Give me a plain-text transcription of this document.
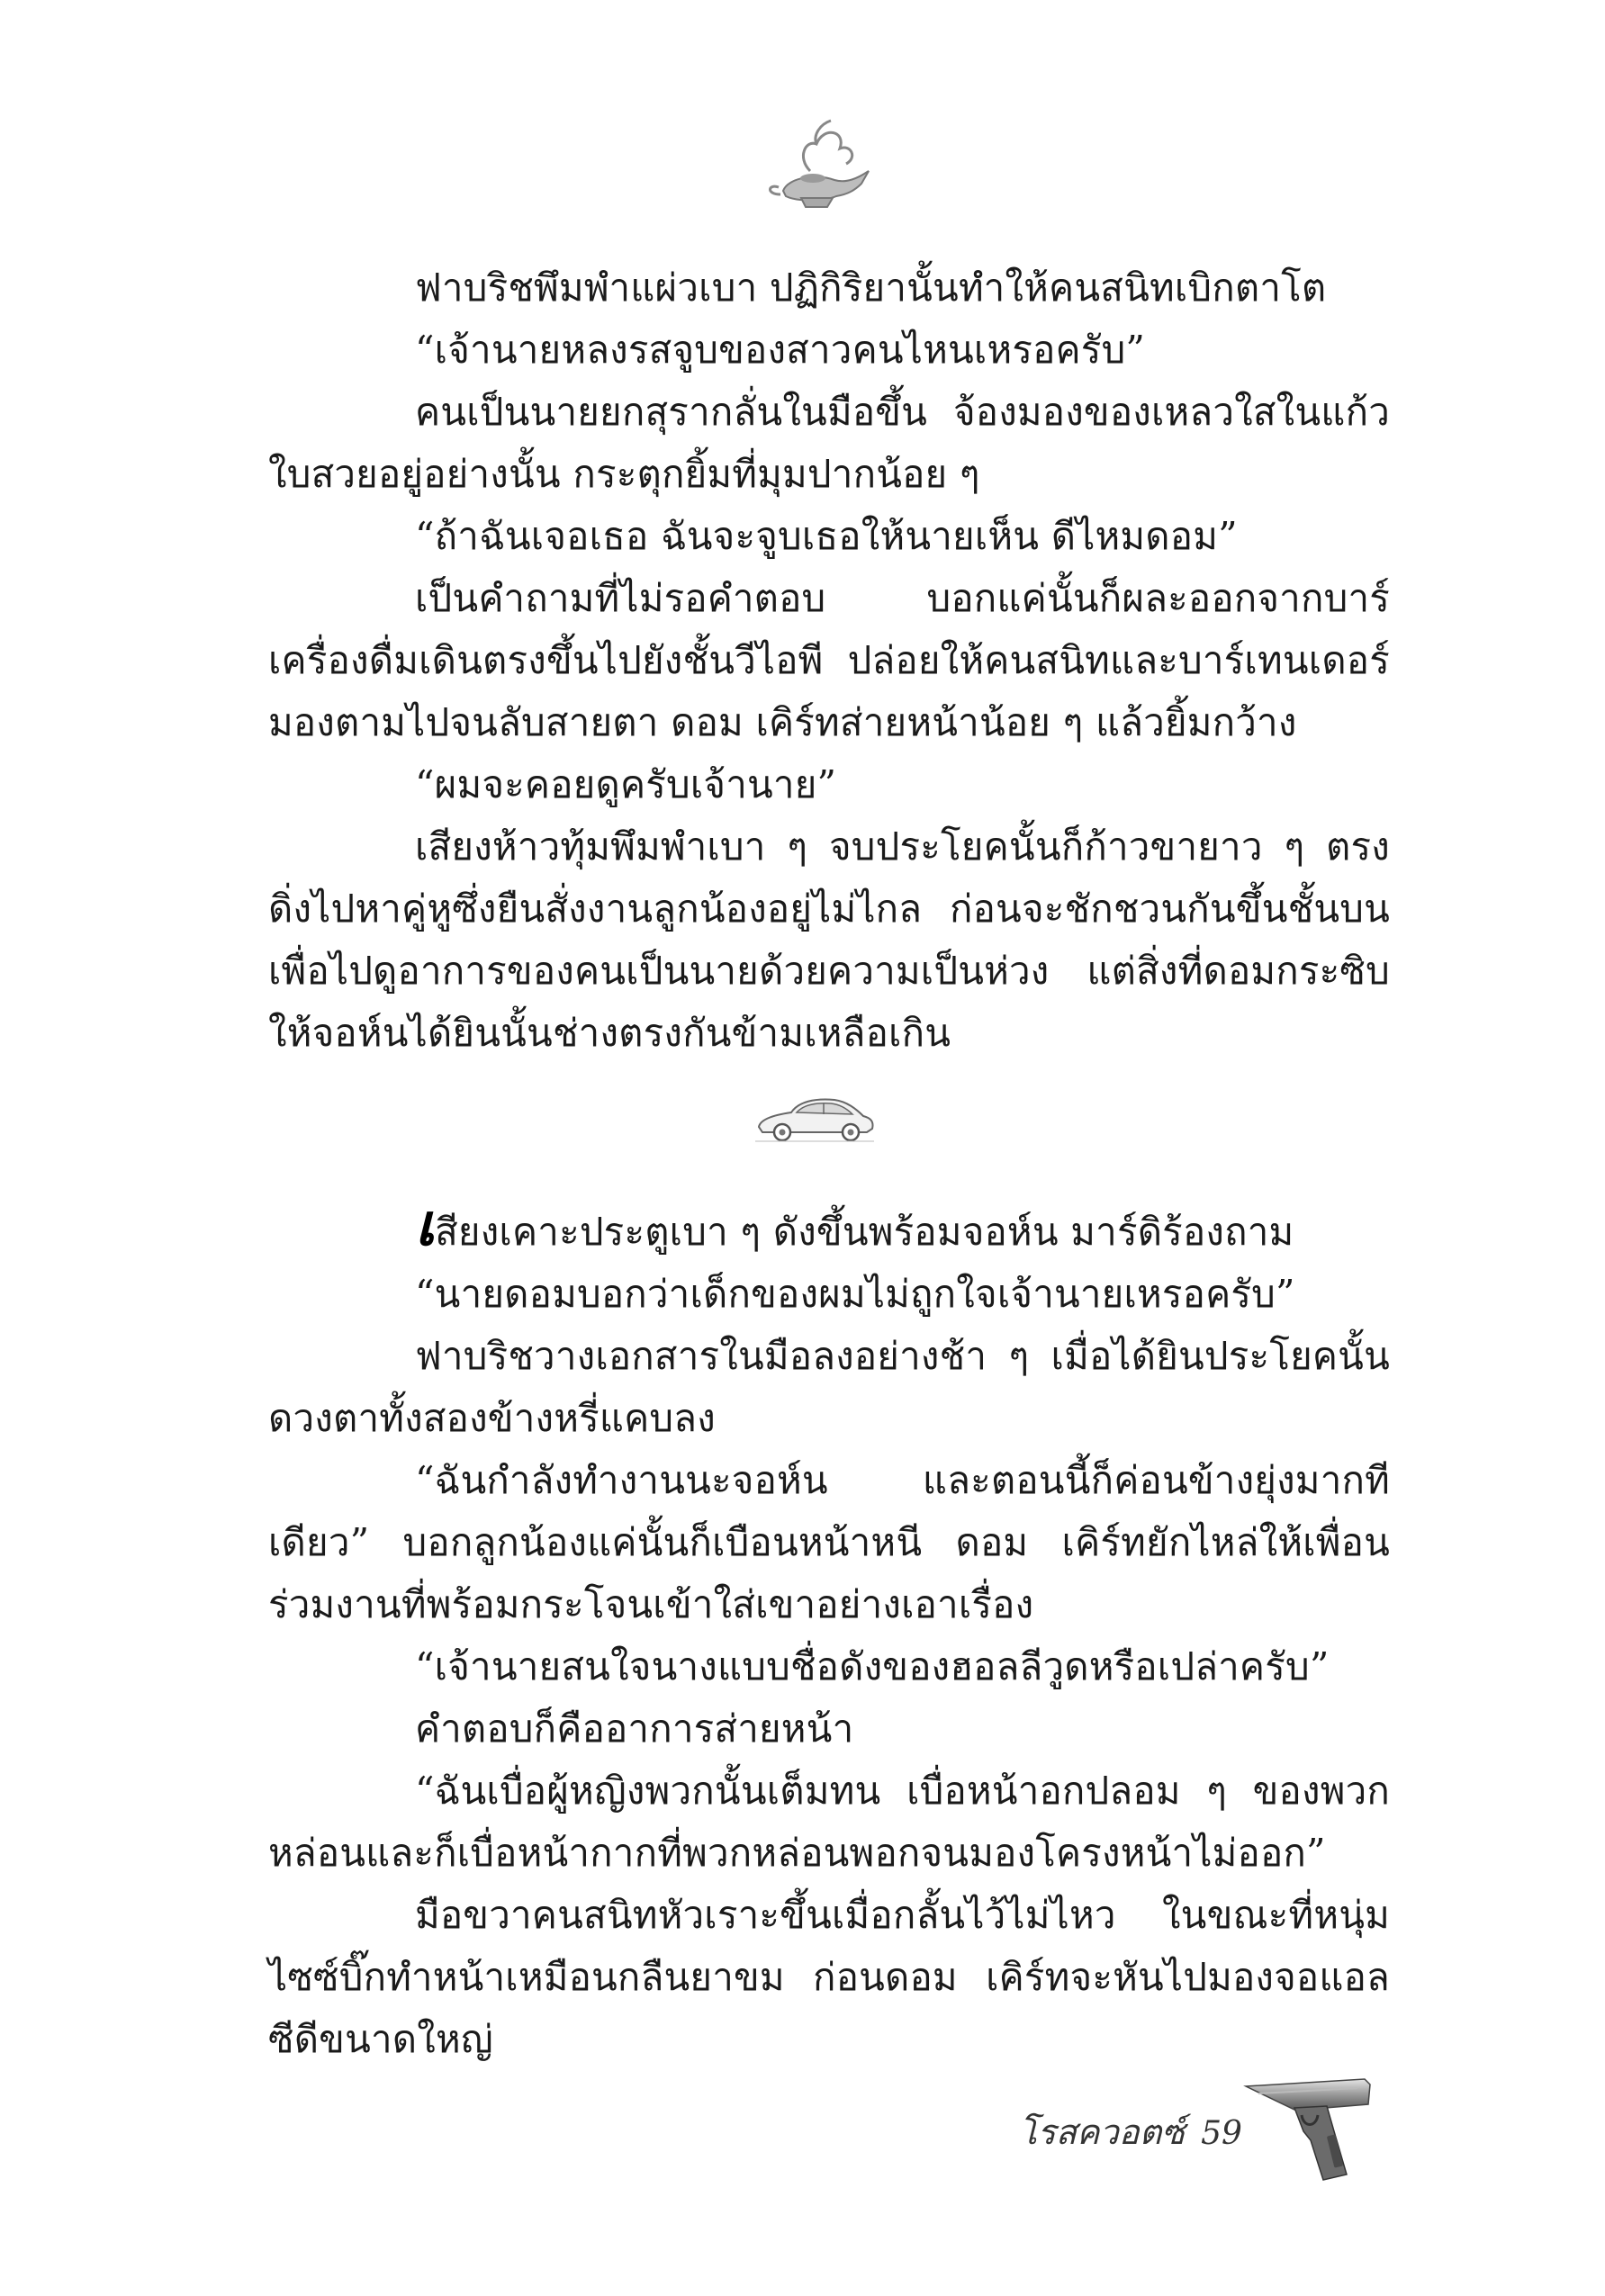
ฟาบริชพึมพำแผ่วเบา ปฏิกิริยานั้นทำให้คนสนิทเบิกตาโต

“เจ้านายหลงรสจูบของสาวคนไหนเหรอครับ”

คนเป็นนายยกสุรากลั่นในมือขึ้น จ้องมองของเหลวใสในแก้วใบสวยอยู่อย่างนั้น กระตุกยิ้มที่มุมปากน้อย ๆ

“ถ้าฉันเจอเธอ ฉันจะจูบเธอให้นายเห็น ดีไหมดอม”

เป็นคำถามที่ไม่รอคำตอบ บอกแค่นั้นก็ผละออกจากบาร์เครื่องดื่มเดินตรงขึ้นไปยังชั้นวีไอพี ปล่อยให้คนสนิทและบาร์เทนเดอร์มองตามไปจนลับสายตา ดอม เคิร์ทส่ายหน้าน้อย ๆ แล้วยิ้มกว้าง

“ผมจะคอยดูครับเจ้านาย”

เสียงห้าวทุ้มพึมพำเบา ๆ จบประโยคนั้นก็ก้าวขายาว ๆ ตรงดิ่งไปหาคู่หูซึ่งยืนสั่งงานลูกน้องอยู่ไม่ไกล ก่อนจะชักชวนกันขึ้นชั้นบนเพื่อไปดูอาการของคนเป็นนายด้วยความเป็นห่วง แต่สิ่งที่ดอมกระซิบให้จอห์นได้ยินนั้นช่างตรงกันข้ามเหลือเกิน

เสียงเคาะประตูเบา ๆ ดังขึ้นพร้อมจอห์น มาร์ดิร้องถาม

“นายดอมบอกว่าเด็กของผมไม่ถูกใจเจ้านายเหรอครับ”

ฟาบริชวางเอกสารในมือลงอย่างช้า ๆ เมื่อได้ยินประโยคนั้นดวงตาทั้งสองข้างหรี่แคบลง

“ฉันกำลังทำงานนะจอห์น และตอนนี้ก็ค่อนข้างยุ่งมากทีเดียว” บอกลูกน้องแค่นั้นก็เบือนหน้าหนี ดอม เคิร์ทยักไหล่ให้เพื่อนร่วมงานที่พร้อมกระโจนเข้าใส่เขาอย่างเอาเรื่อง

“เจ้านายสนใจนางแบบชื่อดังของฮอลลีวูดหรือเปล่าครับ”

คำตอบก็คืออาการส่ายหน้า

“ฉันเบื่อผู้หญิงพวกนั้นเต็มทน เบื่อหน้าอกปลอม ๆ ของพวกหล่อนและก็เบื่อหน้ากากที่พวกหล่อนพอกจนมองโครงหน้าไม่ออก”

มือขวาคนสนิทหัวเราะขึ้นเมื่อกลั้นไว้ไม่ไหว ในขณะที่หนุ่มไซซ์บิ๊กทำหน้าเหมือนกลืนยาขม ก่อนดอม เคิร์ทจะหันไปมองจอแอลซีดีขนาดใหญ่

โรสควอตซ์ 59
